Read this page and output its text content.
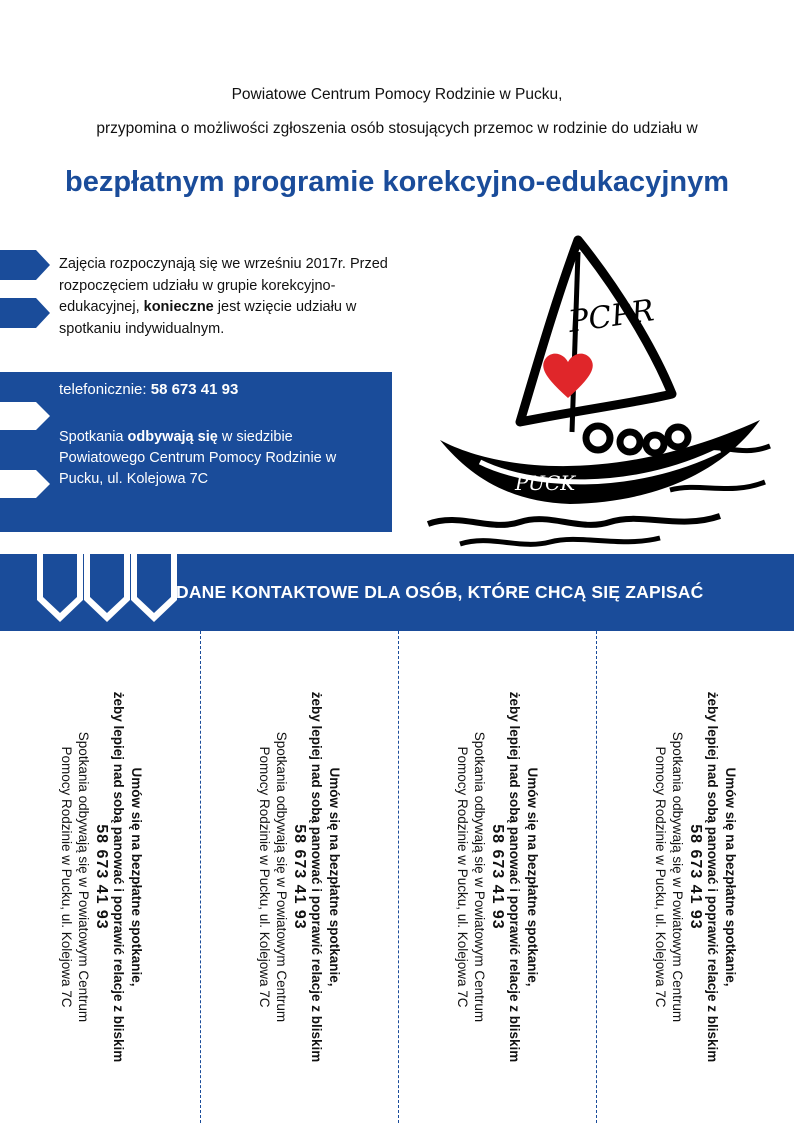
Powiatowe Centrum Pomocy Rodzinie w Pucku,
przypomina o możliwości zgłoszenia osób stosujących przemoc w rodzinie do udziału w
bezpłatnym programie korekcyjno-edukacyjnym
Zajęcia rozpoczynają się we wrześniu 2017r. Przed rozpoczęciem udziału w grupie korekcyjno-edukacyjnej, konieczne jest wzięcie udziału w spotkaniu indywidualnym.
telefonicznie: 58 673 41 93
Spotkania odbywają się w siedzibie Powiatowego Centrum Pomocy Rodzinie w Pucku, ul. Kolejowa 7C
PCPR
PUCK
DANE KONTAKTOWE DLA OSÓB, KTÓRE CHCĄ SIĘ ZAPISAĆ
Umów się na bezpłatne spotkanie,
żeby lepiej nad sobą panować i poprawić relacje z bliskim
58 673 41 93
Spotkania odbywają się w Powiatowym Centrum
Pomocy Rodzinie w Pucku, ul. Kolejowa 7C	Umów się na bezpłatne spotkanie,
żeby lepiej nad sobą panować i poprawić relacje z bliskim
58 673 41 93
Spotkania odbywają się w Powiatowym Centrum
Pomocy Rodzinie w Pucku, ul. Kolejowa 7C	Umów się na bezpłatne spotkanie,
żeby lepiej nad sobą panować i poprawić relacje z bliskim
58 673 41 93
Spotkania odbywają się w Powiatowym Centrum
Pomocy Rodzinie w Pucku, ul. Kolejowa 7C	Umów się na bezpłatne spotkanie,
żeby lepiej nad sobą panować i poprawić relacje z bliskim
58 673 41 93
Spotkania odbywają się w Powiatowym Centrum
Pomocy Rodzinie w Pucku, ul. Kolejowa 7C
